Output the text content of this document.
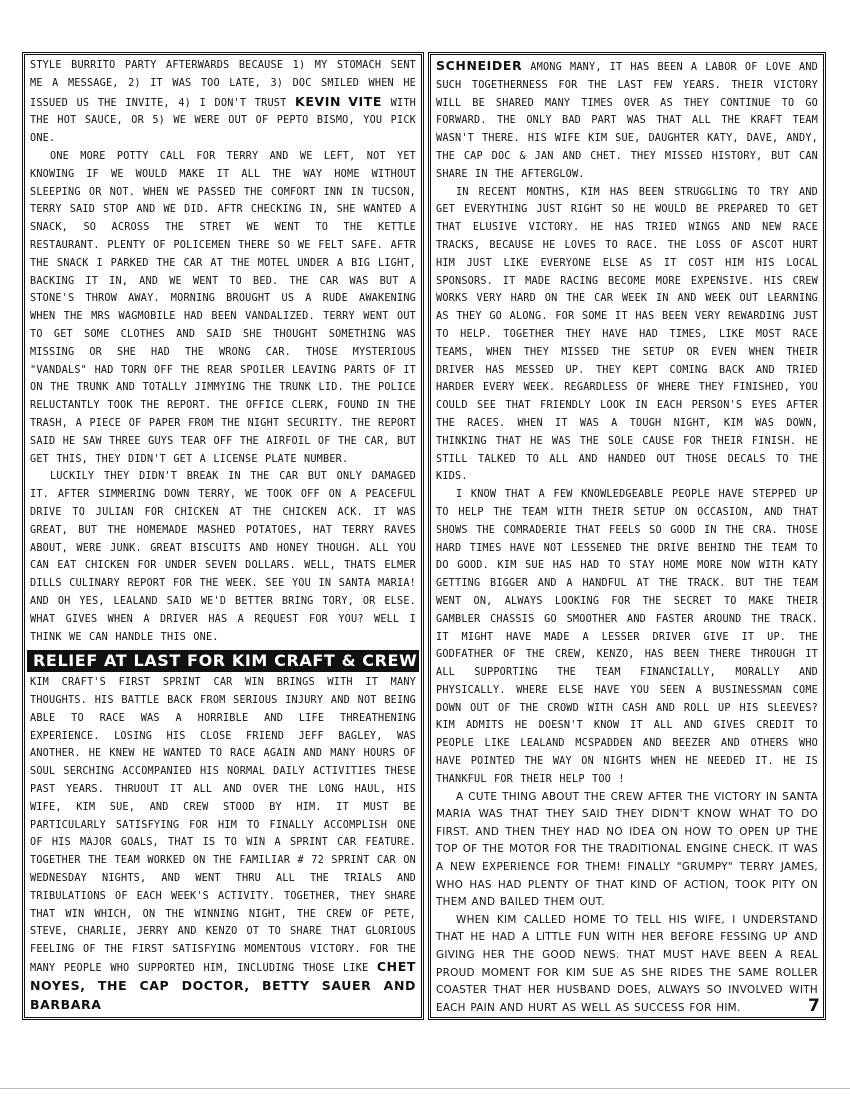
STYLE BURRITO PARTY AFTERWARDS BECAUSE 1) MY STOMACH SENT ME A MESSAGE, 2) IT WAS TOO LATE, 3) DOC SMILED WHEN HE ISSUED US THE INVITE, 4) I DON'T TRUST KEVIN VITE WITH THE HOT SAUCE, OR 5) WE WERE OUT OF PEPTO BISMO, YOU PICK ONE.

ONE MORE POTTY CALL FOR TERRY AND WE LEFT, NOT YET KNOWING IF WE WOULD MAKE IT ALL THE WAY HOME WITHOUT SLEEPING OR NOT. WHEN WE PASSED THE COMFORT INN IN TUCSON, TERRY SAID STOP AND WE DID. AFTR CHECKING IN, SHE WANTED A SNACK, SO ACROSS THE STRET WE WENT TO THE KETTLE RESTAURANT. PLENTY OF POLICEMEN THERE SO WE FELT SAFE. AFTR THE SNACK I PARKED THE CAR AT THE MOTEL UNDER A BIG LIGHT, BACKING IT IN, AND WE WENT TO BED. THE CAR WAS BUT A STONE'S THROW AWAY. MORNING BROUGHT US A RUDE AWAKENING WHEN THE MRS WAGMOBILE HAD BEEN VANDALIZED. TERRY WENT OUT TO GET SOME CLOTHES AND SAID SHE THOUGHT SOMETHING WAS MISSING OR SHE HAD THE WRONG CAR. THOSE MYSTERIOUS "VANDALS" HAD TORN OFF THE REAR SPOILER LEAVING PARTS OF IT ON THE TRUNK AND TOTALLY JIMMYING THE TRUNK LID. THE POLICE RELUCTANTLY TOOK THE REPORT. THE OFFICE CLERK, FOUND IN THE TRASH, A PIECE OF PAPER FROM THE NIGHT SECURITY. THE REPORT SAID HE SAW THREE GUYS TEAR OFF THE AIRFOIL OF THE CAR, BUT GET THIS, THEY DIDN'T GET A LICENSE PLATE NUMBER.

LUCKILY THEY DIDN'T BREAK IN THE CAR BUT ONLY DAMAGED IT. AFTER SIMMERING DOWN TERRY, WE TOOK OFF ON A PEACEFUL DRIVE TO JULIAN FOR CHICKEN AT THE CHICKEN ACK. IT WAS GREAT, BUT THE HOMEMADE MASHED POTATOES, HAT TERRY RAVES ABOUT, WERE JUNK. GREAT BISCUITS AND HONEY THOUGH. ALL YOU CAN EAT CHICKEN FOR UNDER SEVEN DOLLARS. WELL, THATS ELMER DILLS CULINARY REPORT FOR THE WEEK. SEE YOU IN SANTA MARIA! AND OH YES, LEALAND SAID WE'D BETTER BRING TORY, OR ELSE. WHAT GIVES WHEN A DRIVER HAS A REQUEST FOR YOU? WELL I THINK WE CAN HANDLE THIS ONE.

RELIEF AT LAST FOR KIM CRAFT & CREW

KIM CRAFT'S FIRST SPRINT CAR WIN BRINGS WITH IT MANY THOUGHTS. HIS BATTLE BACK FROM SERIOUS INJURY AND NOT BEING ABLE TO RACE WAS A HORRIBLE AND LIFE THREATHENING EXPERIENCE. LOSING HIS CLOSE FRIEND JEFF BAGLEY, WAS ANOTHER. HE KNEW HE WANTED TO RACE AGAIN AND MANY HOURS OF SOUL SERCHING ACCOMPANIED HIS NORMAL DAILY ACTIVITIES THESE PAST YEARS. THRUOUT IT ALL AND OVER THE LONG HAUL, HIS WIFE, KIM SUE, AND CREW STOOD BY HIM. IT MUST BE PARTICULARLY SATISFYING FOR HIM TO FINALLY ACCOMPLISH ONE OF HIS MAJOR GOALS, THAT IS TO WIN A SPRINT CAR FEATURE. TOGETHER THE TEAM WORKED ON THE FAMILIAR # 72 SPRINT CAR ON WEDNESDAY NIGHTS, AND WENT THRU ALL THE TRIALS AND TRIBULATIONS OF EACH WEEK'S ACTIVITY. TOGETHER, THEY SHARE THAT WIN WHICH, ON THE WINNING NIGHT, THE CREW OF PETE, STEVE, CHARLIE, JERRY AND KENZO OT TO SHARE THAT GLORIOUS FEELING OF THE FIRST SATISFYING MOMENTOUS VICTORY. FOR THE MANY PEOPLE WHO SUPPORTED HIM, INCLUDING THOSE LIKE CHET NOYES, THE CAP DOCTOR, BETTY SAUER AND BARBARA

SCHNEIDER AMONG MANY, IT HAS BEEN A LABOR OF LOVE AND SUCH TOGETHERNESS FOR THE LAST FEW YEARS. THEIR VICTORY WILL BE SHARED MANY TIMES OVER AS THEY CONTINUE TO GO FORWARD. THE ONLY BAD PART WAS THAT ALL THE KRAFT TEAM WASN'T THERE. HIS WIFE KIM SUE, DAUGHTER KATY, DAVE, ANDY, THE CAP DOC & JAN AND CHET. THEY MISSED HISTORY, BUT CAN SHARE IN THE AFTERGLOW.

IN RECENT MONTHS, KIM HAS BEEN STRUGGLING TO TRY AND GET EVERYTHING JUST RIGHT SO HE WOULD BE PREPARED TO GET THAT ELUSIVE VICTORY. HE HAS TRIED WINGS AND NEW RACE TRACKS, BECAUSE HE LOVES TO RACE. THE LOSS OF ASCOT HURT HIM JUST LIKE EVERYONE ELSE AS IT COST HIM HIS LOCAL SPONSORS. IT MADE RACING BECOME MORE EXPENSIVE. HIS CREW WORKS VERY HARD ON THE CAR WEEK IN AND WEEK OUT LEARNING AS THEY GO ALONG. FOR SOME IT HAS BEEN VERY REWARDING JUST TO HELP. TOGETHER THEY HAVE HAD TIMES, LIKE MOST RACE TEAMS, WHEN THEY MISSED THE SETUP OR EVEN WHEN THEIR DRIVER HAS MESSED UP. THEY KEPT COMING BACK AND TRIED HARDER EVERY WEEK. REGARDLESS OF WHERE THEY FINISHED, YOU COULD SEE THAT FRIENDLY LOOK IN EACH PERSON'S EYES AFTER THE RACES. WHEN IT WAS A TOUGH NIGHT, KIM WAS DOWN, THINKING THAT HE WAS THE SOLE CAUSE FOR THEIR FINISH. HE STILL TALKED TO ALL AND HANDED OUT THOSE DECALS TO THE KIDS.

I KNOW THAT A FEW KNOWLEDGEABLE PEOPLE HAVE STEPPED UP TO HELP THE TEAM WITH THEIR SETUP ON OCCASION, AND THAT SHOWS THE COMRADERIE THAT FEELS SO GOOD IN THE CRA. THOSE HARD TIMES HAVE NOT LESSENED THE DRIVE BEHIND THE TEAM TO DO GOOD. KIM SUE HAS HAD TO STAY HOME MORE NOW WITH KATY GETTING BIGGER AND A HANDFUL AT THE TRACK. BUT THE TEAM WENT ON, ALWAYS LOOKING FOR THE SECRET TO MAKE THEIR GAMBLER CHASSIS GO SMOOTHER AND FASTER AROUND THE TRACK. IT MIGHT HAVE MADE A LESSER DRIVER GIVE IT UP. THE GODFATHER OF THE CREW, KENZO, HAS BEEN THERE THROUGH IT ALL SUPPORTING THE TEAM FINANCIALLY, MORALLY AND PHYSICALLY. WHERE ELSE HAVE YOU SEEN A BUSINESSMAN COME DOWN OUT OF THE CROWD WITH CASH AND ROLL UP HIS SLEEVES? KIM ADMITS HE DOESN'T KNOW IT ALL AND GIVES CREDIT TO PEOPLE LIKE LEALAND MCSPADDEN AND BEEZER AND OTHERS WHO HAVE POINTED THE WAY ON NIGHTS WHEN HE NEEDED IT. HE IS THANKFUL FOR THEIR HELP TOO !

A CUTE THING ABOUT THE CREW AFTER THE VICTORY IN SANTA MARIA WAS THAT THEY SAID THEY DIDN'T KNOW WHAT TO DO FIRST. AND THEN THEY HAD NO IDEA ON HOW TO OPEN UP THE TOP OF THE MOTOR FOR THE TRADITIONAL ENGINE CHECK. IT WAS A NEW EXPERIENCE FOR THEM! FINALLY "GRUMPY" TERRY JAMES, WHO HAS HAD PLENTY OF THAT KIND OF ACTION, TOOK PITY ON THEM AND BAILED THEM OUT.

WHEN KIM CALLED HOME TO TELL HIS WIFE, I UNDERSTAND THAT HE HAD A LITTLE FUN WITH HER BEFORE FESSING UP AND GIVING HER THE GOOD NEWS. THAT MUST HAVE BEEN A REAL PROUD MOMENT FOR KIM SUE AS SHE RIDES THE SAME ROLLER COASTER THAT HER HUSBAND DOES, ALWAYS SO INVOLVED WITH EACH PAIN AND HURT AS WELL AS SUCCESS FOR HIM.	7
